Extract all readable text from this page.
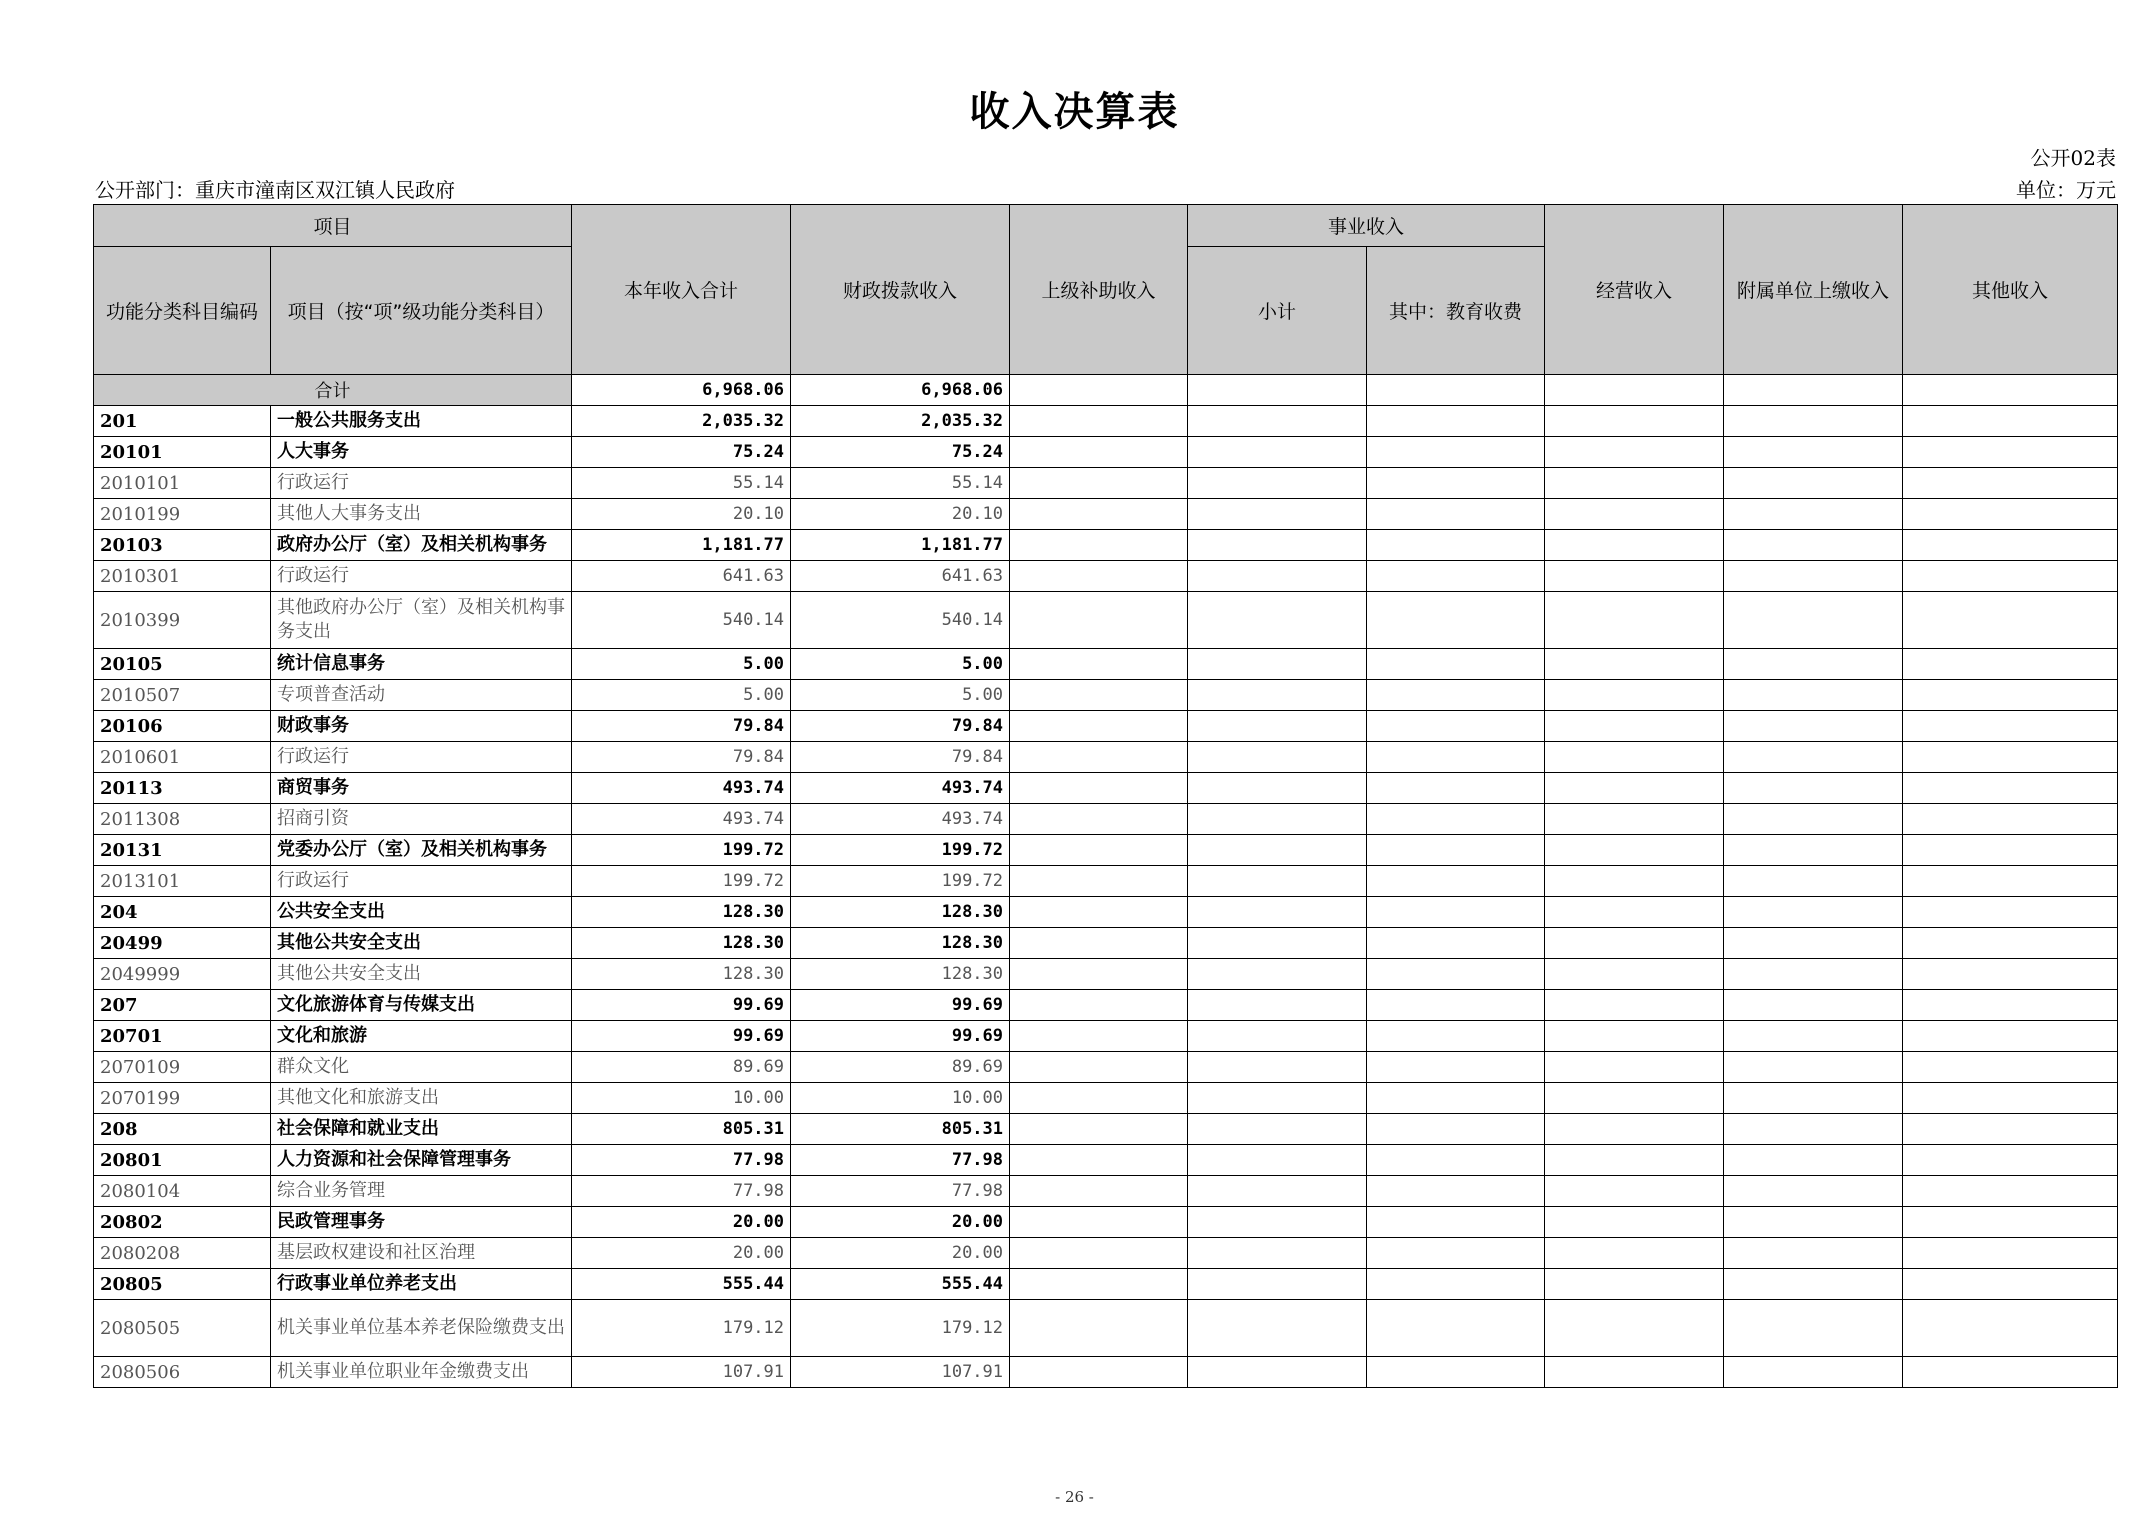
收入决算表
公开02表
公开部门：重庆市潼南区双江镇人民政府	单位：万元
项目		本年收入合计	财政拨款收入	上级补助收入	事业收入		经营收入	附属单位上缴收入	其他收入
功能分类科目编码	项目（按“项”级功能分类科目）				小计	其中：教育收费			
合计		6,968.06	6,968.06						
201	一般公共服务支出	2,035.32	2,035.32						
20101	人大事务	75.24	75.24						
2010101	行政运行	55.14	55.14						
2010199	其他人大事务支出	20.10	20.10						
20103	政府办公厅（室）及相关机构事务	1,181.77	1,181.77						
2010301	行政运行	641.63	641.63						
2010399	其他政府办公厅（室）及相关机构事务支出	540.14	540.14						
20105	统计信息事务	5.00	5.00						
2010507	专项普查活动	5.00	5.00						
20106	财政事务	79.84	79.84						
2010601	行政运行	79.84	79.84						
20113	商贸事务	493.74	493.74						
2011308	招商引资	493.74	493.74						
20131	党委办公厅（室）及相关机构事务	199.72	199.72						
2013101	行政运行	199.72	199.72						
204	公共安全支出	128.30	128.30						
20499	其他公共安全支出	128.30	128.30						
2049999	其他公共安全支出	128.30	128.30						
207	文化旅游体育与传媒支出	99.69	99.69						
20701	文化和旅游	99.69	99.69						
2070109	群众文化	89.69	89.69						
2070199	其他文化和旅游支出	10.00	10.00						
208	社会保障和就业支出	805.31	805.31						
20801	人力资源和社会保障管理事务	77.98	77.98						
2080104	综合业务管理	77.98	77.98						
20802	民政管理事务	20.00	20.00						
2080208	基层政权建设和社区治理	20.00	20.00						
20805	行政事业单位养老支出	555.44	555.44						
2080505	机关事业单位基本养老保险缴费支出	179.12	179.12						
2080506	机关事业单位职业年金缴费支出	107.91	107.91						
- 26 -
